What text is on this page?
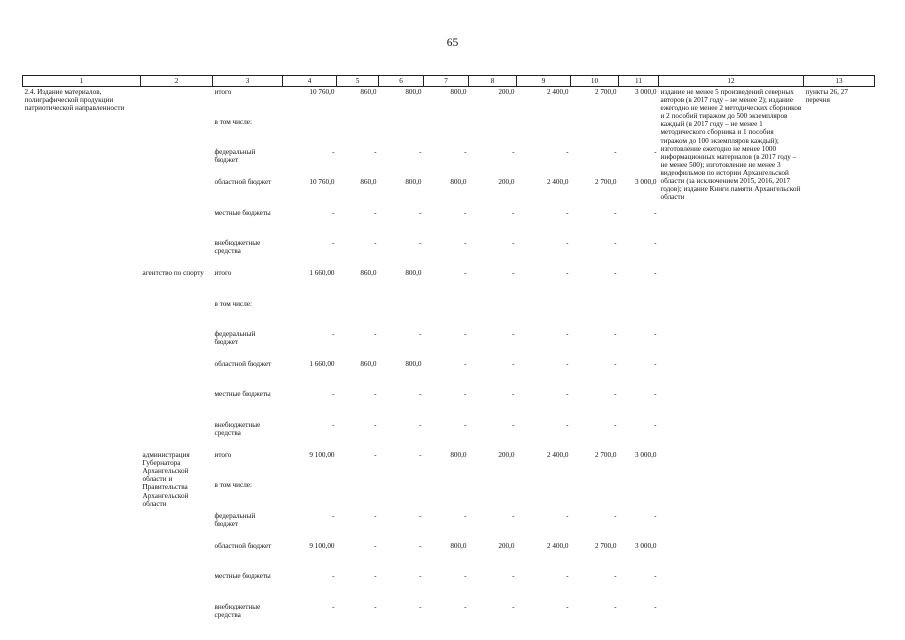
65
1	2	3	4	5	6	7	8	9	10	11	12	13
2.4. Издание материалов, полиграфической продукции патриотической направленности		итого	10 760,0	860,0	800,0	800,0	200,0	2 400,0	2 700,0	3 000,0	издание не менее 5 произведений северных авторов (в 2017 году – не менее 2); издание ежегодно не менее 2 методических сборников и 2 пособий тиражом до 500 экземпляров каждый (в 2017 году – не менее 1 методического сборника и 1 пособия тиражом до 100 экземпляров каждый); изготовление ежегодно не менее 1000 информационных материалов (в 2017 году – не менее 500); изготовление не менее 3 видеофильмов по истории Архангельской области (за исключением 2015, 2016, 2017 годов); издание Книги памяти Архангельской области	пункты 26, 27 перечня
		в том числе:										
		федеральный бюджет	-	-	-	-	-	-	-	-		
		областной бюджет	10 760,0	860,0	800,0	800,0	200,0	2 400,0	2 700,0	3 000,0		
		местные бюджеты	-	-	-	-	-	-	-	-		
		внебюджетные средства	-	-	-	-	-	-	-	-		
	агентство по спорту	итого	1 660,00	860,0	800,0	-	-	-	-	-		
		в том числе:										
		федеральный бюджет	-	-	-	-	-	-	-	-		
		областной бюджет	1 660,00	860,0	800,0	-	-	-	-	-		
		местные бюджеты	-	-	-	-	-	-	-	-		
		внебюджетные средства	-	-	-	-	-	-	-	-		
	администрация Губернатора Архангельской области и Правительства Архангельской области	итого	9 100,00	-	-	800,0	200,0	2 400,0	2 700,0	3 000,0		
		в том числе:										
		федеральный бюджет	-	-	-	-	-	-	-	-		
		областной бюджет	9 100,00	-	-	800,0	200,0	2 400,0	2 700,0	3 000,0		
		местные бюджеты	-	-	-	-	-	-	-	-		
		внебюджетные средства	-	-	-	-	-	-	-	-		
